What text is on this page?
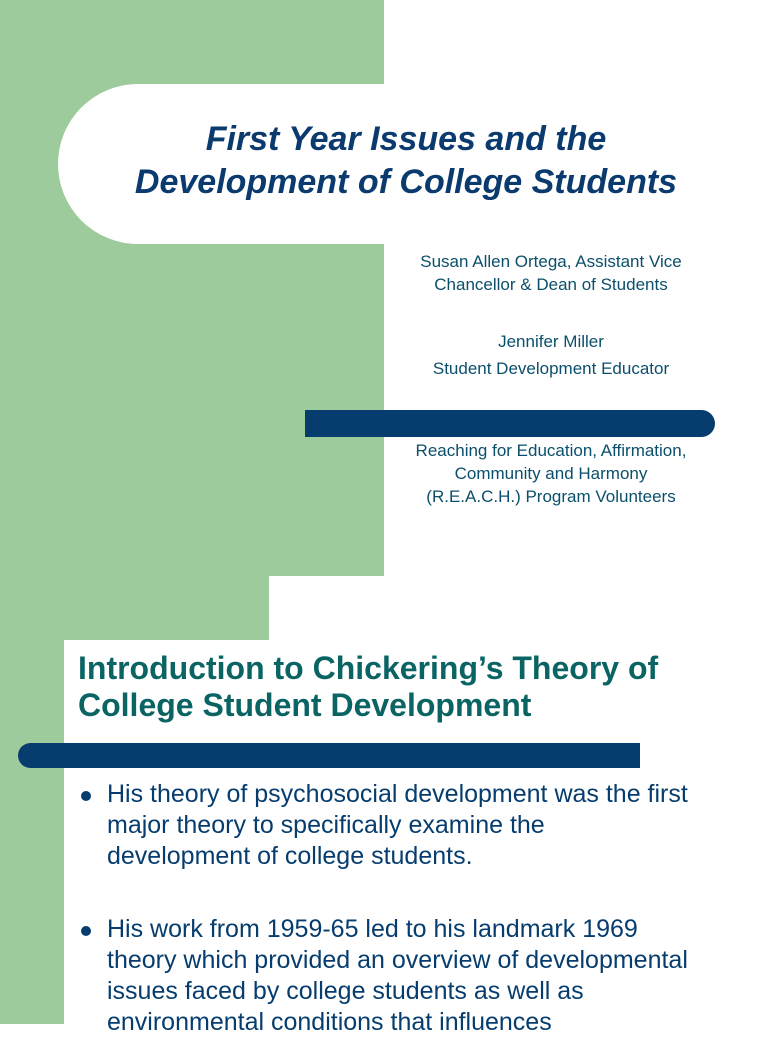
First Year Issues and the
Development of College Students
Susan Allen Ortega, Assistant Vice
Chancellor & Dean of Students
Jennifer Miller
Student Development Educator
Reaching for Education, Affirmation,
Community and Harmony
(R.E.A.C.H.) Program Volunteers
Introduction to Chickering’s Theory of
College Student Development
His theory of psychosocial development was the first
major theory to specifically examine the
development of college students.
His work from 1959-65 led to his landmark 1969
theory which provided an overview of developmental
issues faced by college students as well as
environmental conditions that influences
